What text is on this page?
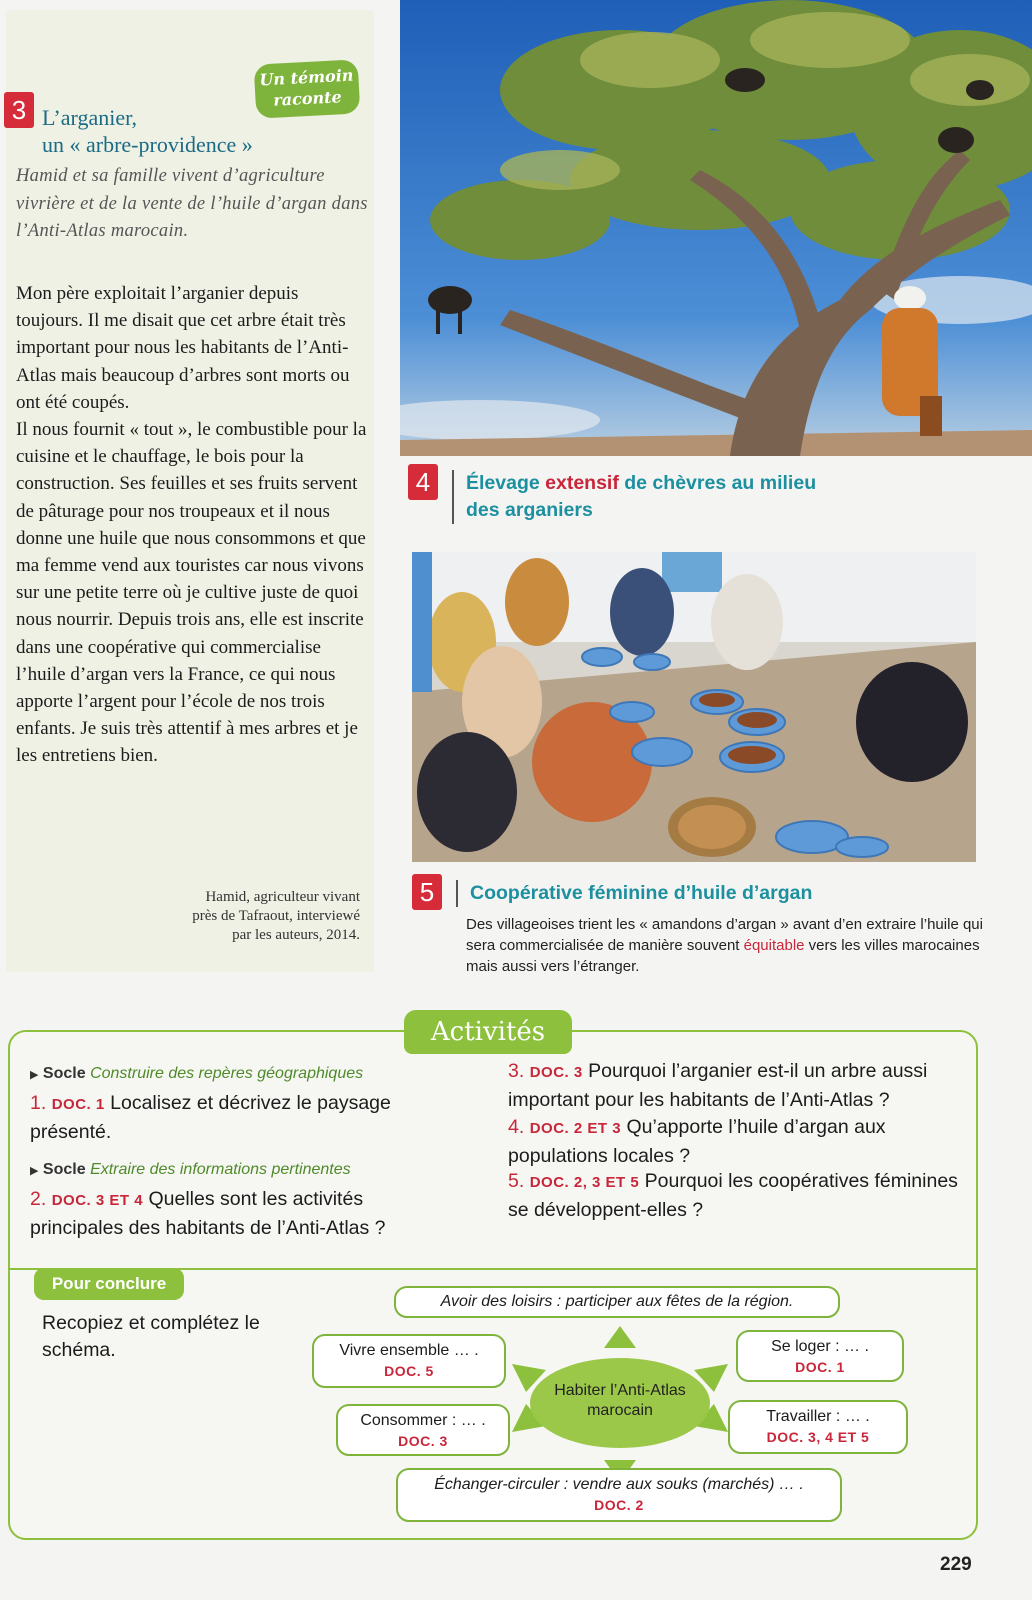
Un témoin
raconte
3 L’arganier,
un « arbre-providence »
Hamid et sa famille vivent d’agriculture vivrière et de la vente de l’huile d’argan dans l’Anti-Atlas marocain.

Mon père exploitait l’arganier depuis toujours. Il me disait que cet arbre était très important pour nous les habitants de l’Anti-Atlas mais beaucoup d’arbres sont morts ou ont été coupés.

Il nous fournit « tout », le combustible pour la cuisine et le chauffage, le bois pour la construction. Ses feuilles et ses fruits servent de pâturage pour nos troupeaux et il nous donne une huile que nous consommons et que ma femme vend aux touristes car nous vivons sur une petite terre où je cultive juste de quoi nous nourrir. Depuis trois ans, elle est inscrite dans une coopérative qui commercialise l’huile d’argan vers la France, ce qui nous apporte l’argent pour l’école de nos trois enfants. Je suis très attentif à mes arbres et je les entretiens bien.

Hamid, agriculteur vivant
près de Tafraout, interviewé
par les auteurs, 2014.
4	Élevage extensif de chèvres au milieu
des arganiers
5	Coopérative féminine d’huile d’argan
Des villageoises trient les « amandons d’argan » avant d’en extraire l’huile qui sera commercialisée de manière souvent équitable vers les villes marocaines mais aussi vers l’étranger.
Activités
▶ Socle Construire des repères géographiques
1. DOC. 1 Localisez et décrivez le paysage présenté.
▶ Socle Extraire des informations pertinentes
2. DOC. 3 ET 4 Quelles sont les activités principales des habitants de l’Anti-Atlas ?
3. DOC. 3 Pourquoi l’arganier est-il un arbre aussi important pour les habitants de l’Anti-Atlas ?
4. DOC. 2 ET 3 Qu’apporte l’huile d’argan aux populations locales ?
5. DOC. 2, 3 ET 5 Pourquoi les coopératives féminines se développent-elles ?
Pour conclure
Recopiez et complétez le schéma.
Habiter l’Anti-Atlas marocain
Avoir des loisirs : participer aux fêtes de la région.
Vivre ensemble … .
DOC. 5
Se loger : … .
DOC. 1
Consommer : … .
DOC. 3
Travailler : … .
DOC. 3, 4 ET 5
Échanger-circuler : vendre aux souks (marchés) … .
DOC. 2
229
